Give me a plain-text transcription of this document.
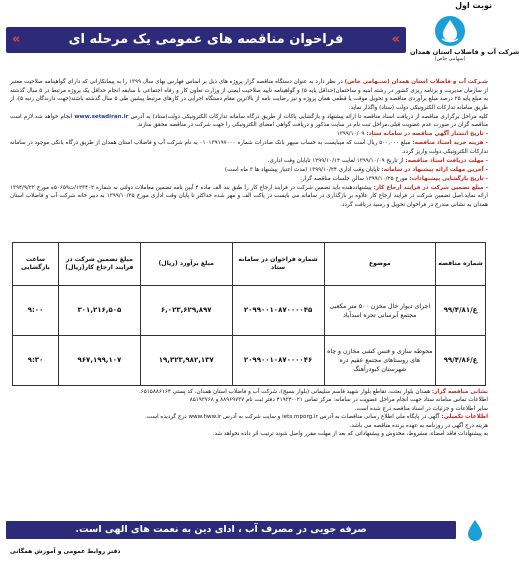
نوبت اول
«	فراخوان مناقصه های عمومی یک مرحله ای	«
شرکت آب و فاضلاب استان همدان
(سهامی خاص)

شـرکت آب و فاضلاب استان همدان (ســهامی خاص) در نظر دارد به عنوان دستگاه مناقصه گزار پروژه های ذیل بر اساس فهارس بهای سال ۱۳۹۹ را به پیمانکارانی که دارای گواهینامه صلاحیت معتبر از سازمان مدیریت و برنامه ریزی کشور در رشته ابنیه و ساختمان(حداقل پایه ۵) و گواهینامه تایید صلاحیت ایمنی از وزارت تعاون کار و رفاه اجتماعی با سابقه انجام حداقل یک پروژه مرتبط در ۵ سال گذشته به مبلغ پایه ۲۵ درصد مبلغ برآوردی مناقصه و تحویل موقت یا قطعی همان پروژه و نیز رضایت نامه از بالاترین مقام دستگاه اجرایی در کارهای مرتبط پیشین طی ۵ سال گذشته باشند(جهت دارندگان رتبه ۵)، از طریق سامانه تدارکات الکترونیکی دولت (ستاد) واگذار نماید.

کلیه مراحل برگزاری مناقصه از دریافت اسناد مناقصه تا ارائه پیشنهاد و بازگشایی پاکات از طریق درگاه سامانه تدارکات الکترونیکی دولت(ستاد) به آدرس www.setadiran.ir انجام خواهد شد.لازم است مناقصه گران در صورت عدم عضویت قبلی،مراحل ثبت نام در سایت مذکور و دریافت گواهی امضای الکترونیکی را جهت شرکت در مناقصه محقق سازند.

- تاریخ انتشار آگهی مناقصه در سامانه ستاد: ۱۳۹۹/۱۰/۰۹

- هزینه خرید اسناد مناقصه: مبلغ ۵۰۰,۰۰۰ ریال است که میبایست به حساب سپهر بانک صادرات شماره ۰۱۰۱۳۹۱۹۷۰۰۰ به نام شرکت آب و فاضلاب استان همدان از طریق درگاه بانکی موجود در سامانه تدارکات الکترونیکی دولت واریز گردد.

- مهلت دریافت اسناد مناقصه: از تاریخ ۱۳۹۹/۱۰/۰۹ لغایت ۱۳۹۹/۱۰/۱۴ تاپایان وقت اداری.

- آخرین مهلت ارائه پیشنهاد در سامانه: تاپایان وقت اداری ۱۳۹۹/۱۰/۲۴ (مدت اعتبار پیشنهاد ها ۳ ماه است)

- تاریخ بازگشایی پیشنهادات: مورخ ۱۳۹۹/۱۰/۲۵ سالن جلسات مناقصه گزار.

- مبلغ تضمین شرکت در فرایند ارجاع کار: پیشنهاددهنده باید تضمین شرکت در فرایند ارجاع کار را طبق بند الف ماده ۴ آیین نامه تضمین معاملات دولتی به شماره ۱۲۳۴۰۲/ت۵۰۶۵۹ه مورخ ۱۳۹۴/۹/۲۲ ارائه نماید.اصل تضمین شرکت در فرایند ارجاع کار علاوه بر بارگذاری در سامانه می بایست در پاکت الف و مهر شده حداکثر تا پایان وقت اداری مورخ ۱۳۹۹/۱۰/۲۵ به دبیر خانه شرکت آب و فاضلاب استان همدان به نشانی مندرج در فراخوان تحویل و رسید دریافت گردد.

شماره مناقصه	موضوع	شماره فراخوان در سامانه ستاد	مبلغ برآورد (ریال)	مبلغ تضمین شرکت در فرایند ارجاع کار(ریال)	ساعت بازگشایی
۹۹/۴/۸۱/ع	اجرای دیوار خال مخزن ۵۰۰ متر مکعبی مجتمع آبرسانی تجره اسدآباد	۲۰۹۹۰۰۱۰۸۷۰۰۰۰۴۵	۶,۰۲۳,۶۲۹,۸۹۷	۳۰۱,۲۱۶,۵۰۵	۹:۰۰
۹۹/۴/۸۶/ع	محوطه سازی و فنس کشی مخازن و چاه های روستاهای مجتمع عقیم دره شهرستان کبودرآهنگ	۲۰۹۹۰۰۱۰۸۷۰۰۰۰۴۶	۱۹,۳۲۳,۹۸۲,۱۳۷	۹۶۷,۱۹۹,۱۰۷	۹:۳۰

نشانی مناقصه گزار: همدان بلوار بعثت، تقاطع بلوار شهید قاسم سلیمانی (بلوار بسیج)، شرکت آب و فاضلاب استان همدان، کد پستی ۶۵۱۵۸۸۶۱۶۴.

اطلاعات تماس سامانه ستاد جهت انجام مراحل عضویت در سامانه: مرکز تماس ۰۲۱-۴۱۹۳۴ دفتر ثبت نام ۸۸۹۶۹۷۳۷ و ۸۵۱۹۳۷۶۸

سایر اطلاعات و جزئیات در اسناد مناقصه درج شده است.

اطلاعات تکمیلی: آگهی در پایگاه ملی اطلاع رسانی مناقصات به آدرس iets.mporg.ir و سایت شرکت به آدرس www.hww.ir درج گردیده است.

هزینه درج آگهی در روزنامه به عهده برنده مناقصه می باشد.

به پیشنهادات فاقد امضاء، مشروط، مخدوش و پیشنهاداتی که بعد از مهلت مقرر واصل شوند ترتیب اثر داده نخواهد شد.

صرفه جویی در مصرف آب ، ادای دین به نعمت های الهی است.
دفتر روابط عمومی و آموزش همگانی
